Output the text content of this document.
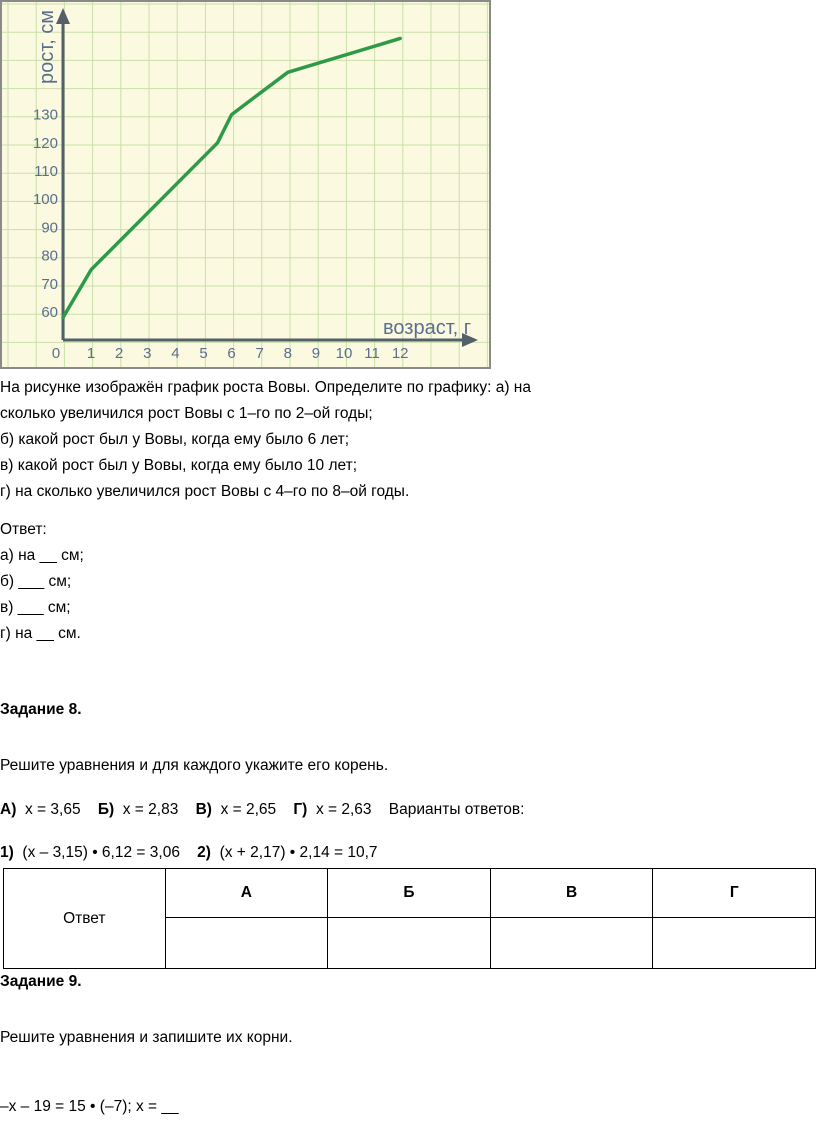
0 1 2 3 4 5 6 7 8 9 10 11 12
60
70
80
90
100
110
120
130
рост, см
возраст, г
На рисунке изображён график роста Вовы. Определите по графику: а) на
сколько увеличился рост Вовы с 1–го по 2–ой годы;
б) какой рост был у Вовы, когда ему было 6 лет;
в) какой рост был у Вовы, когда ему было 10 лет;
г) на сколько увеличился рост Вовы с 4–го по 8–ой годы.
Ответ:
а) на __ см;
б) ___ см;
в) ___ см;
г) на __ см.
Задание 8.
Решите уравнения и для каждого укажите его корень.
А) x = 3,65 Б) x = 2,83 В) x = 2,65 Г) x = 2,63 Варианты ответов:
1) (x – 3,15) • 6,12 = 3,06 2) (x + 2,17) • 2,14 = 10,7
Ответ	А	Б	В	Г

Задание 9.
Решите уравнения и запишите их корни.
–x – 19 = 15 • (–7); x = __
